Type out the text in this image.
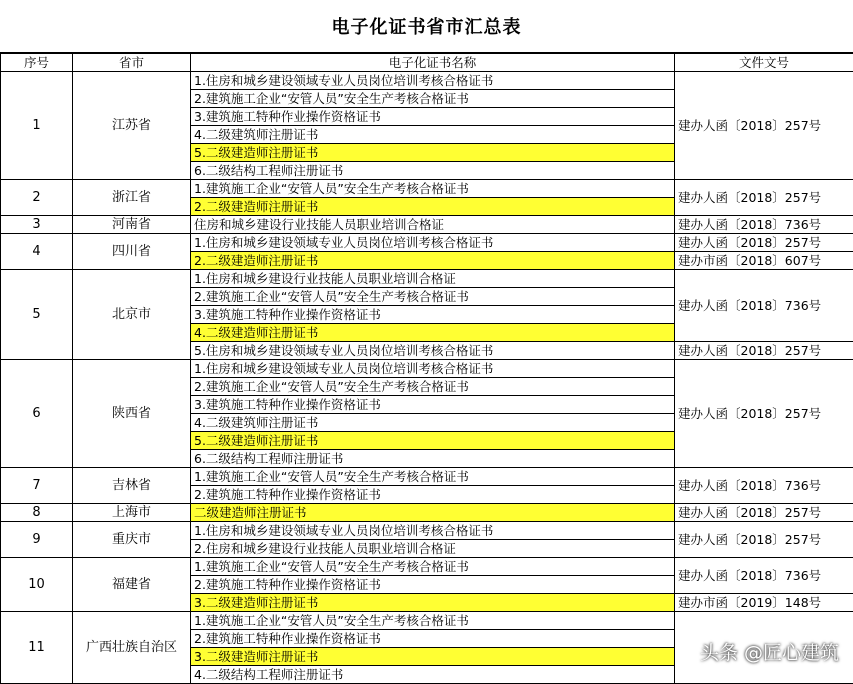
电子化证书省市汇总表
序号	省市	电子化证书名称	文件文号
1	江苏省	1.住房和城乡建设领域专业人员岗位培训考核合格证书	建办人函〔2018〕257号
		2.建筑施工企业“安管人员”安全生产考核合格证书	
		3.建筑施工特种作业操作资格证书	
		4.二级建筑师注册证书	
		5.二级建造师注册证书	
		6.二级结构工程师注册证书	
2	浙江省	1.建筑施工企业“安管人员”安全生产考核合格证书	建办人函〔2018〕257号
		2.二级建造师注册证书	
3	河南省	住房和城乡建设行业技能人员职业培训合格证	建办人函〔2018〕736号
4	四川省	1.住房和城乡建设领域专业人员岗位培训考核合格证书	建办人函〔2018〕257号
		2.二级建造师注册证书	建办市函〔2018〕607号
5	北京市	1.住房和城乡建设行业技能人员职业培训合格证	建办人函〔2018〕736号
		2.建筑施工企业“安管人员”安全生产考核合格证书	
		3.建筑施工特种作业操作资格证书	
		4.二级建造师注册证书	
		5.住房和城乡建设领域专业人员岗位培训考核合格证书	建办人函〔2018〕257号
6	陕西省	1.住房和城乡建设领域专业人员岗位培训考核合格证书	建办人函〔2018〕257号
		2.建筑施工企业“安管人员”安全生产考核合格证书	
		3.建筑施工特种作业操作资格证书	
		4.二级建筑师注册证书	
		5.二级建造师注册证书	
		6.二级结构工程师注册证书	
7	吉林省	1.建筑施工企业“安管人员”安全生产考核合格证书	建办人函〔2018〕736号
		2.建筑施工特种作业操作资格证书	
8	上海市	二级建造师注册证书	建办人函〔2018〕257号
9	重庆市	1.住房和城乡建设领域专业人员岗位培训考核合格证书	建办人函〔2018〕257号
		2.住房和城乡建设行业技能人员职业培训合格证	
10	福建省	1.建筑施工企业“安管人员”安全生产考核合格证书	建办人函〔2018〕736号
		2.建筑施工特种作业操作资格证书	
		3.二级建造师注册证书	建办市函〔2019〕148号
11	广西壮族自治区	1.建筑施工企业“安管人员”安全生产考核合格证书	
		2.建筑施工特种作业操作资格证书	
		3.二级建造师注册证书	
		4.二级结构工程师注册证书	
头条 @匠心建筑
